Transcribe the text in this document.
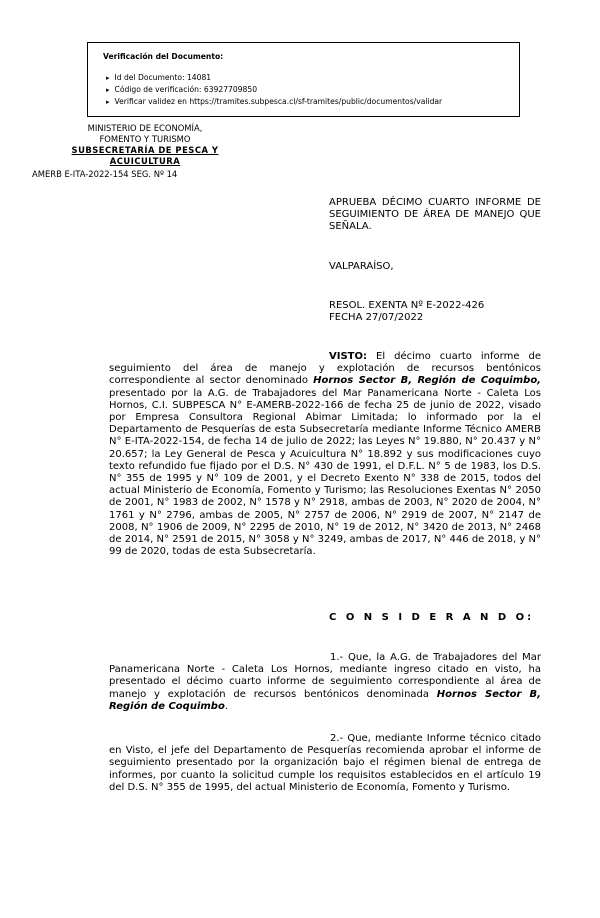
Verificación del Documento:
▸ Id del Documento: 14081
▸ Código de verificación: 63927709850
▸ Verificar validez en https://tramites.subpesca.cl/sf-tramites/public/documentos/validar
MINISTERIO DE ECONOMÍA,
FOMENTO Y TURISMO
SUBSECRETARÍA DE PESCA Y
ACUICULTURA
AMERB E-ITA-2022-154 SEG. Nº 14
APRUEBA DÉCIMO CUARTO INFORME DE SEGUIMIENTO DE ÁREA DE MANEJO QUE SEÑALA.
VALPARAÍSO,
RESOL. EXENTA Nº E-2022-426
FECHA 27/07/2022
VISTO: El décimo cuarto informe de seguimiento del área de manejo y explotación de recursos bentónicos correspondiente al sector denominado Hornos Sector B, Región de Coquimbo, presentado por la A.G. de Trabajadores del Mar Panamericana Norte - Caleta Los Hornos, C.I. SUBPESCA N° E-AMERB-2022-166 de fecha 25 de junio de 2022, visado por Empresa Consultora Regional Abimar Limitada; lo informado por la el Departamento de Pesquerías de esta Subsecretaría mediante Informe Técnico AMERB N° E-ITA-2022-154, de fecha 14 de julio de 2022; las Leyes N° 19.880, N° 20.437 y N° 20.657; la Ley General de Pesca y Acuicultura N° 18.892 y sus modificaciones cuyo texto refundido fue fijado por el D.S. N° 430 de 1991, el D.F.L. N° 5 de 1983, los D.S. N° 355 de 1995 y N° 109 de 2001, y el Decreto Exento N° 338 de 2015, todos del actual Ministerio de Economía, Fomento y Turismo; las Resoluciones Exentas N° 2050 de 2001, N° 1983 de 2002, N° 1578 y N° 2918, ambas de 2003, N° 2020 de 2004, N° 1761 y N° 2796, ambas de 2005, N° 2757 de 2006, N° 2919 de 2007, N° 2147 de 2008, N° 1906 de 2009, N° 2295 de 2010, N° 19 de 2012, N° 3420 de 2013, N° 2468 de 2014, N° 2591 de 2015, N° 3058 y N° 3249, ambas de 2017, N° 446 de 2018, y N° 99 de 2020, todas de esta Subsecretaría.
C O N S I D E R A N D O:
1.- Que, la A.G. de Trabajadores del Mar Panamericana Norte - Caleta Los Hornos, mediante ingreso citado en visto, ha presentado el décimo cuarto informe de seguimiento correspondiente al área de manejo y explotación de recursos bentónicos denominada Hornos Sector B, Región de Coquimbo.
2.- Que, mediante Informe técnico citado en Visto, el jefe del Departamento de Pesquerías recomienda aprobar el informe de seguimiento presentado por la organización bajo el régimen bienal de entrega de informes, por cuanto la solicitud cumple los requisitos establecidos en el artículo 19 del D.S. N° 355 de 1995, del actual Ministerio de Economía, Fomento y Turismo.
